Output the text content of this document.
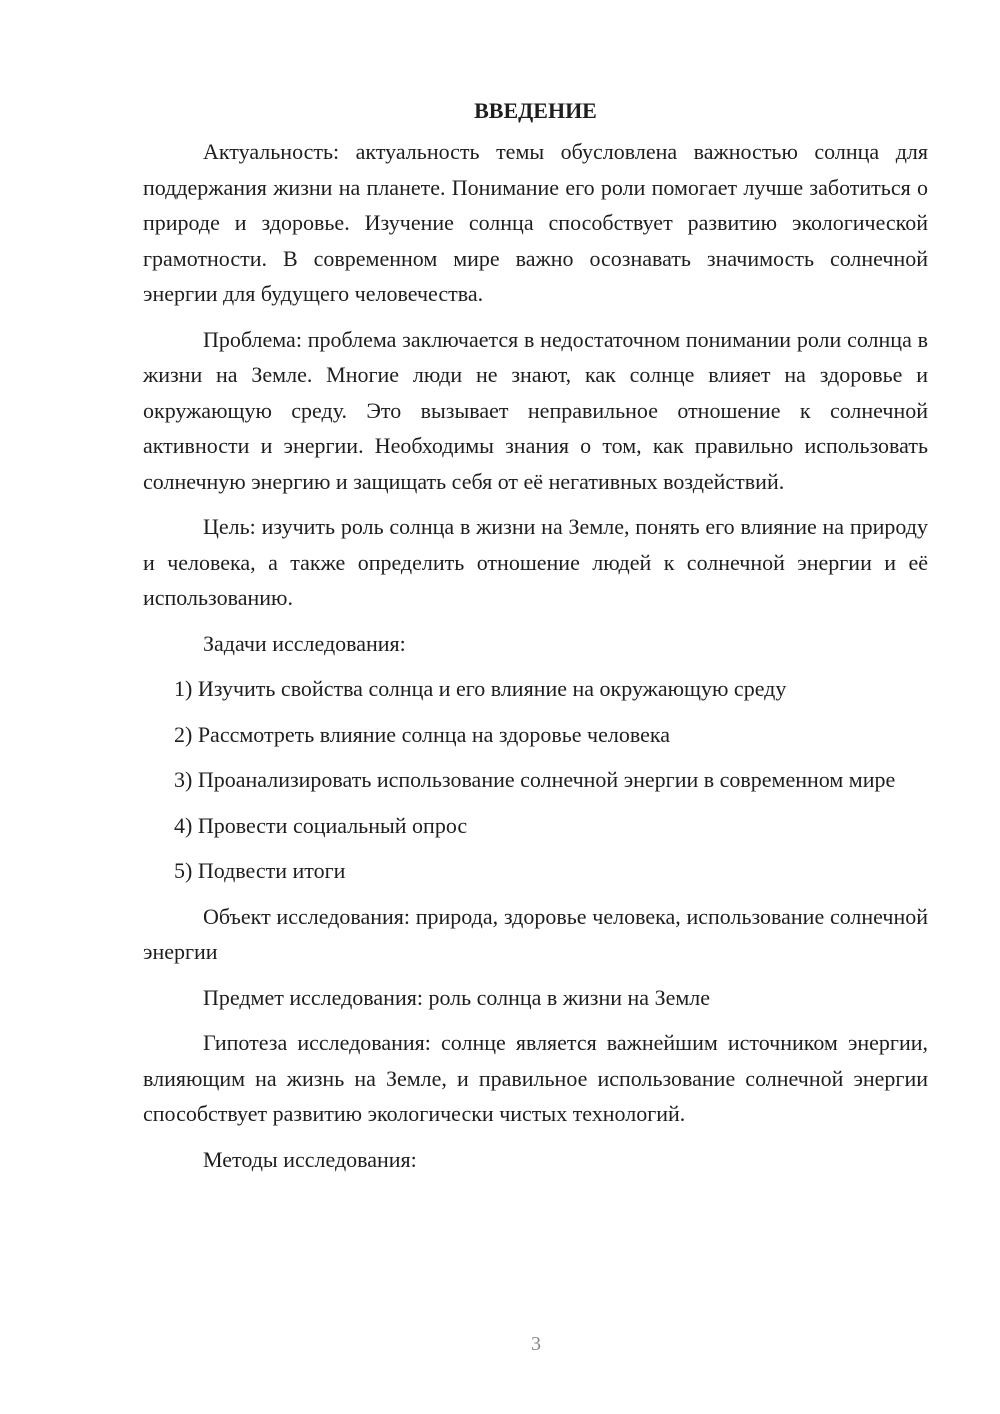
ВВЕДЕНИЕ

Актуальность: актуальность темы обусловлена важностью солнца для поддержания жизни на планете. Понимание его роли помогает лучше заботиться о природе и здоровье. Изучение солнца способствует развитию экологической грамотности. В современном мире важно осознавать значимость солнечной энергии для будущего человечества.

Проблема: проблема заключается в недостаточном понимании роли солнца в жизни на Земле. Многие люди не знают, как солнце влияет на здоровье и окружающую среду. Это вызывает неправильное отношение к солнечной активности и энергии. Необходимы знания о том, как правильно использовать солнечную энергию и защищать себя от её негативных воздействий.

Цель: изучить роль солнца в жизни на Земле, понять его влияние на природу и человека, а также определить отношение людей к солнечной энергии и её использованию.

Задачи исследования:

1) Изучить свойства солнца и его влияние на окружающую среду

2) Рассмотреть влияние солнца на здоровье человека

3) Проанализировать использование солнечной энергии в современном мире

4) Провести социальный опрос

5) Подвести итоги

Объект исследования: природа, здоровье человека, использование солнечной энергии

Предмет исследования: роль солнца в жизни на Земле

Гипотеза исследования: солнце является важнейшим источником энергии, влияющим на жизнь на Земле, и правильное использование солнечной энергии способствует развитию экологически чистых технологий.

Методы исследования:

3
